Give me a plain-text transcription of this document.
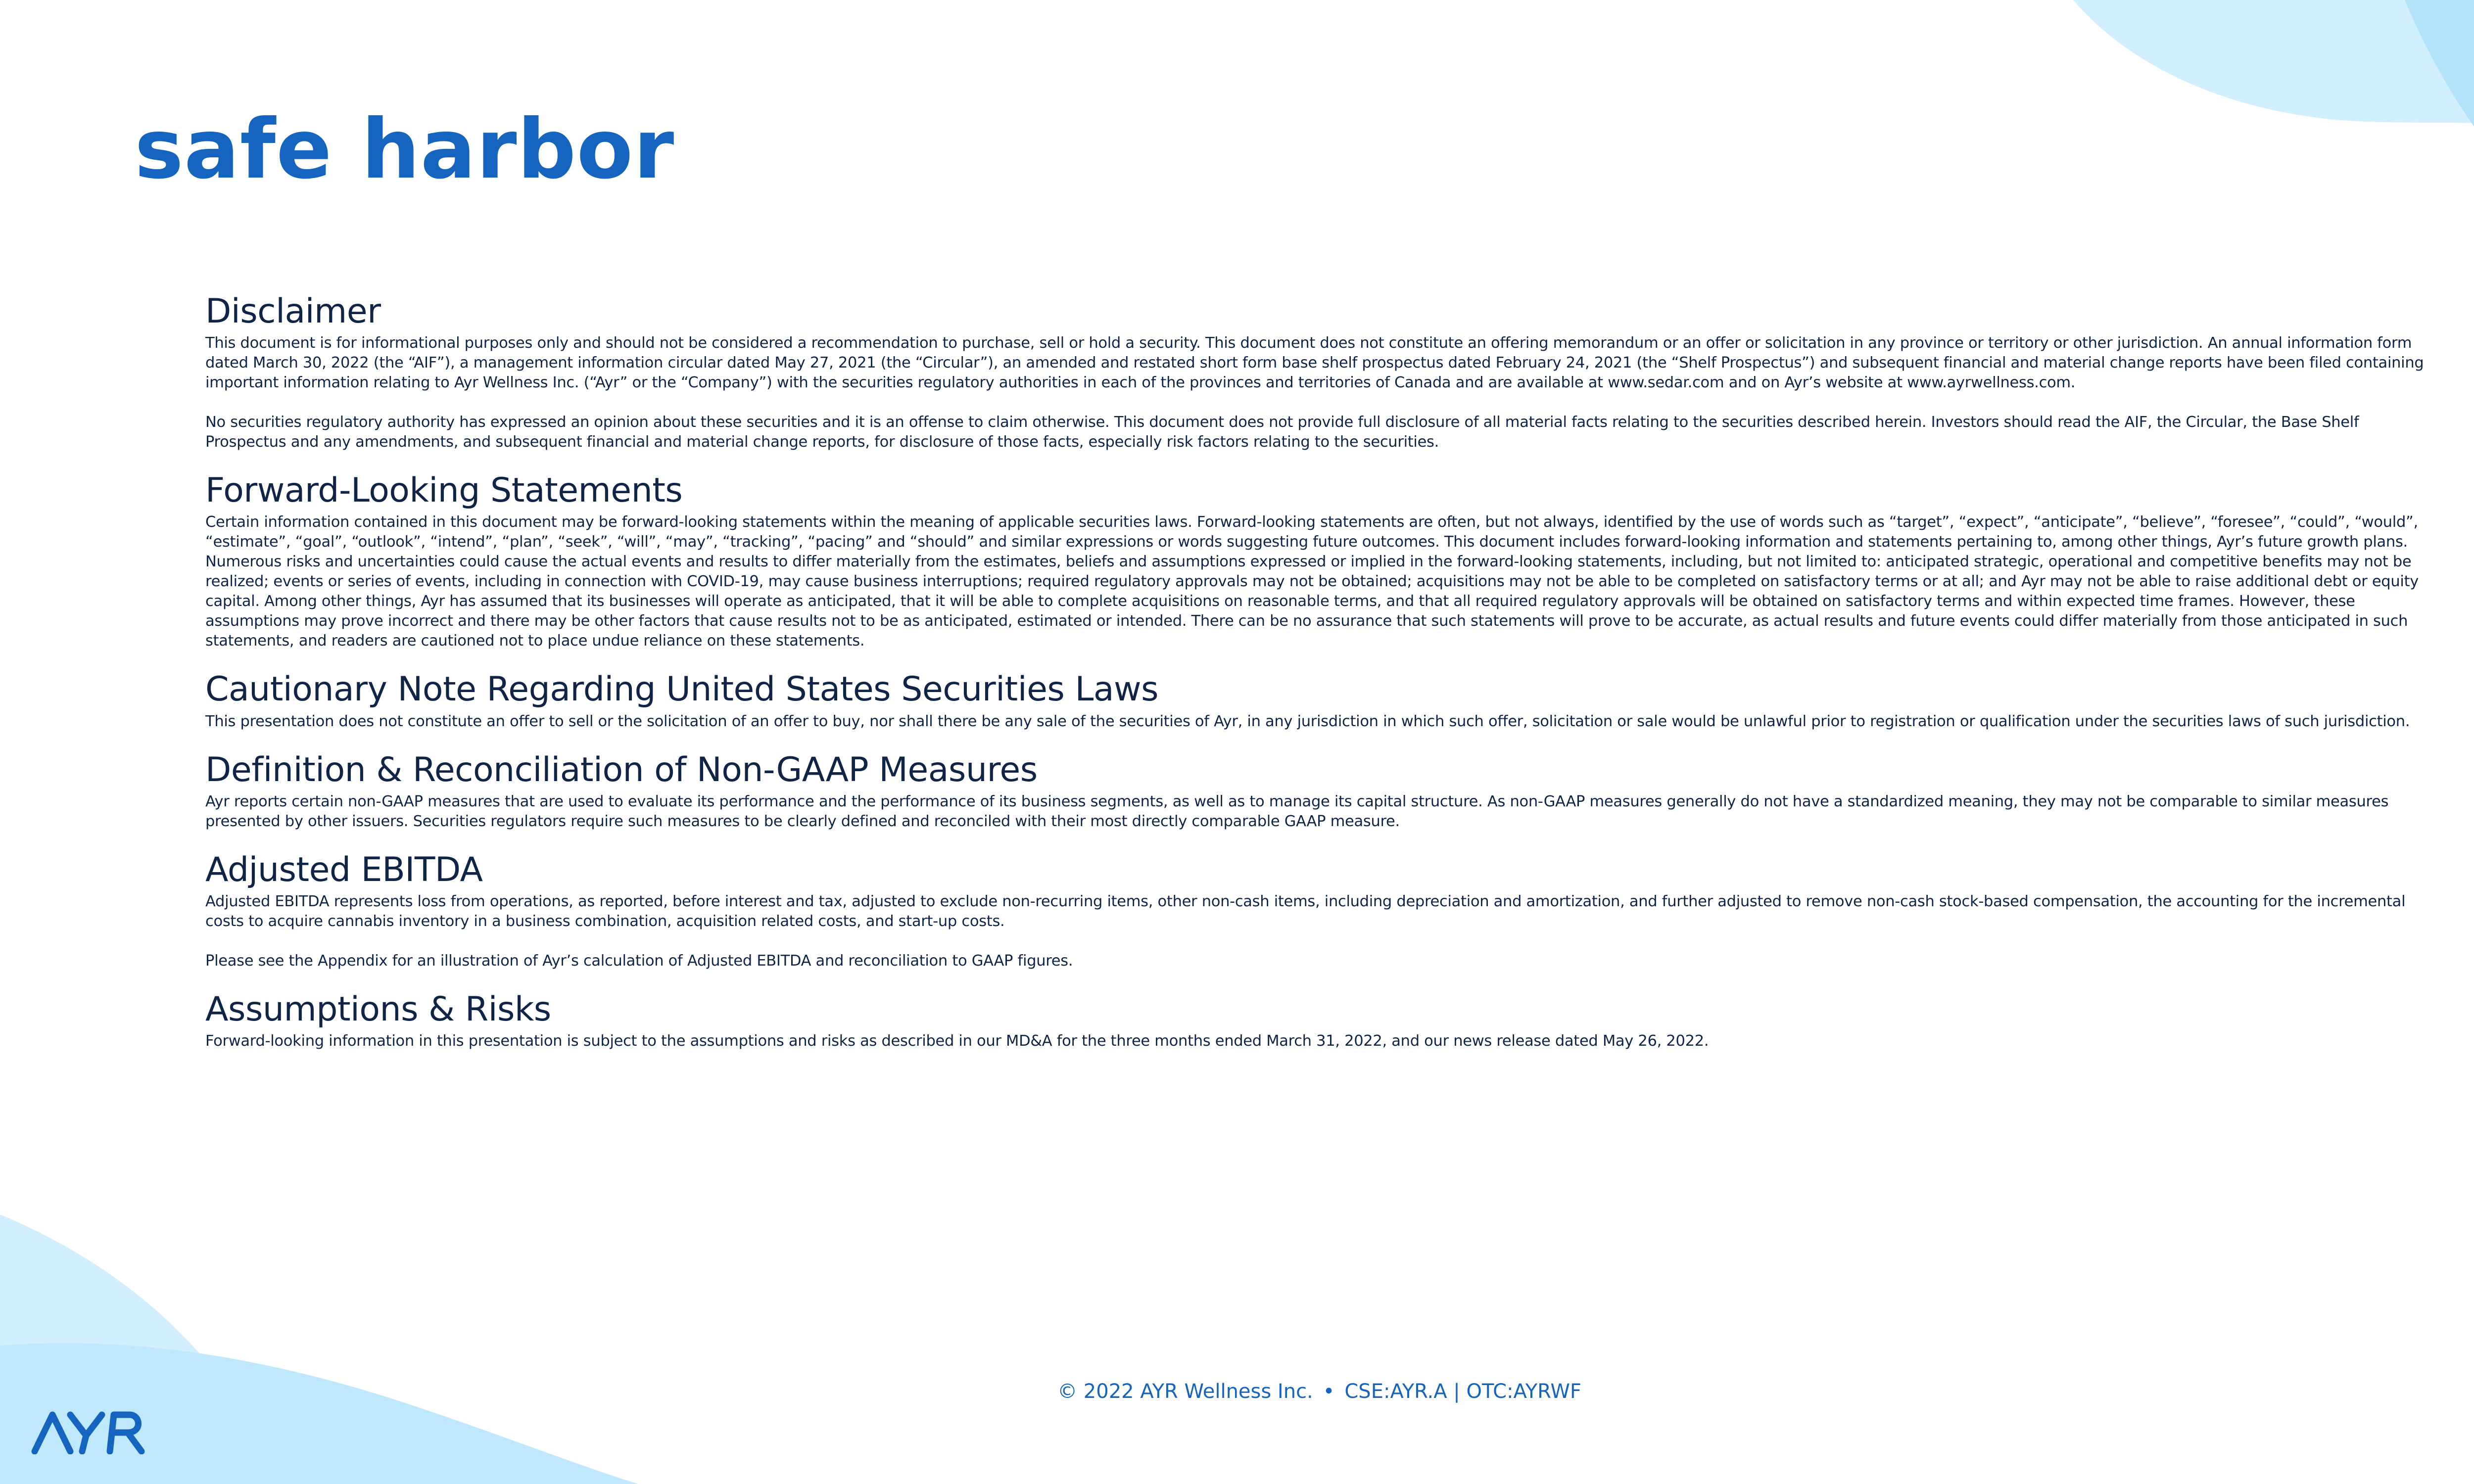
safe harbor
Disclaimer

This document is for informational purposes only and should not be considered a recommendation to purchase, sell or hold a security. This document does not constitute an offering memorandum or an offer or solicitation in any province or territory or other jurisdiction. An annual information form dated March 30, 2022 (the “AIF”), a management information circular dated May 27, 2021 (the “Circular”), an amended and restated short form base shelf prospectus dated February 24, 2021 (the “Shelf Prospectus”) and subsequent financial and material change reports have been filed containing important information relating to Ayr Wellness Inc. (“Ayr” or the “Company”) with the securities regulatory authorities in each of the provinces and territories of Canada and are available at www.sedar.com and on Ayr’s website at www.ayrwellness.com.

No securities regulatory authority has expressed an opinion about these securities and it is an offense to claim otherwise. This document does not provide full disclosure of all material facts relating to the securities described herein. Investors should read the AIF, the Circular, the Base Shelf Prospectus and any amendments, and subsequent financial and material change reports, for disclosure of those facts, especially risk factors relating to the securities.

Forward-Looking Statements

Certain information contained in this document may be forward-looking statements within the meaning of applicable securities laws. Forward-looking statements are often, but not always, identified by the use of words such as “target”, “expect”, “anticipate”, “believe”, “foresee”, “could”, “would”, “estimate”, “goal”, “outlook”, “intend”, “plan”, “seek”, “will”, “may”, “tracking”, “pacing” and “should” and similar expressions or words suggesting future outcomes. This document includes forward-looking information and statements pertaining to, among other things, Ayr’s future growth plans. Numerous risks and uncertainties could cause the actual events and results to differ materially from the estimates, beliefs and assumptions expressed or implied in the forward-looking statements, including, but not limited to: anticipated strategic, operational and competitive benefits may not be realized; events or series of events, including in connection with COVID-19, may cause business interruptions; required regulatory approvals may not be obtained; acquisitions may not be able to be completed on satisfactory terms or at all; and Ayr may not be able to raise additional debt or equity capital. Among other things, Ayr has assumed that its businesses will operate as anticipated, that it will be able to complete acquisitions on reasonable terms, and that all required regulatory approvals will be obtained on satisfactory terms and within expected time frames. However, these assumptions may prove incorrect and there may be other factors that cause results not to be as anticipated, estimated or intended. There can be no assurance that such statements will prove to be accurate, as actual results and future events could differ materially from those anticipated in such statements, and readers are cautioned not to place undue reliance on these statements.

Cautionary Note Regarding United States Securities Laws

This presentation does not constitute an offer to sell or the solicitation of an offer to buy, nor shall there be any sale of the securities of Ayr, in any jurisdiction in which such offer, solicitation or sale would be unlawful prior to registration or qualification under the securities laws of such jurisdiction.

Definition & Reconciliation of Non-GAAP Measures

Ayr reports certain non-GAAP measures that are used to evaluate its performance and the performance of its business segments, as well as to manage its capital structure. As non-GAAP measures generally do not have a standardized meaning, they may not be comparable to similar measures presented by other issuers. Securities regulators require such measures to be clearly defined and reconciled with their most directly comparable GAAP measure.

Adjusted EBITDA

Adjusted EBITDA represents loss from operations, as reported, before interest and tax, adjusted to exclude non-recurring items, other non-cash items, including depreciation and amortization, and further adjusted to remove non-cash stock-based compensation, the accounting for the incremental costs to acquire cannabis inventory in a business combination, acquisition related costs, and start-up costs.

Please see the Appendix for an illustration of Ayr’s calculation of Adjusted EBITDA and reconciliation to GAAP figures.

Assumptions & Risks

Forward-looking information in this presentation is subject to the assumptions and risks as described in our MD&A for the three months ended March 31, 2022, and our news release dated May 26, 2022.

© 2022 AYR Wellness Inc. • CSE:AYR.A | OTC:AYRWF
